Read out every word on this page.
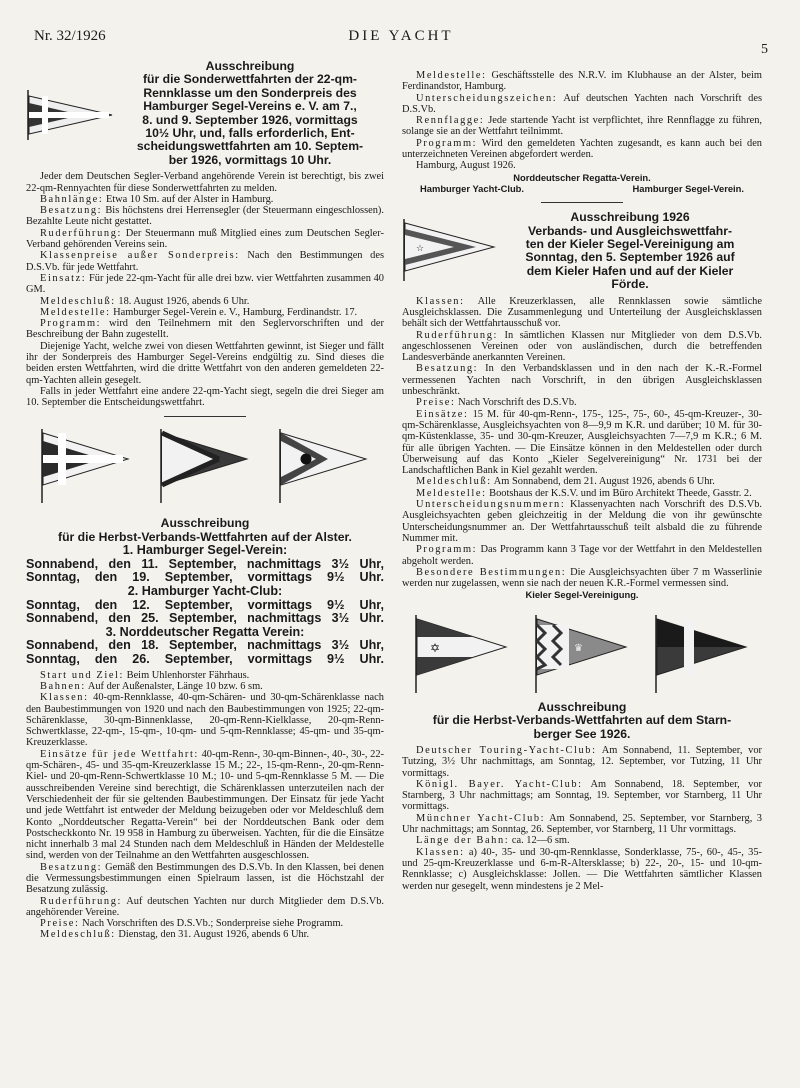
Nr. 32/1926	DIE YACHT
5
Ausschreibung
für die Sonderwettfahrten der 22-qm-
Rennklasse um den Sonderpreis des
Hamburger Segel-Vereins e. V. am 7.,
8. und 9. September 1926, vormittags
10½ Uhr, und, falls erforderlich, Ent-
scheidungswettfahrten am 10. Septem-
ber 1926, vormittags 10 Uhr.

Jeder dem Deutschen Segler-Verband angehörende Verein ist berechtigt, bis zwei 22-qm-Rennyachten für diese Sonderwettfahrten zu melden.

Bahnlänge: Etwa 10 Sm. auf der Alster in Hamburg.

Besatzung: Bis höchstens drei Herrensegler (der Steuermann eingeschlossen). Bezahlte Leute nicht gestattet.

Ruderführung: Der Steuermann muß Mitglied eines zum Deutschen Segler-Verband gehörenden Vereins sein.

Klassenpreise außer Sonderpreis: Nach den Bestimmungen des D.S.Vb. für jede Wettfahrt.

Einsatz: Für jede 22-qm-Yacht für alle drei bzw. vier Wettfahrten zusammen 40 GM.

Meldeschluß: 18. August 1926, abends 6 Uhr.

Meldestelle: Hamburger Segel-Verein e. V., Hamburg, Ferdinandstr. 17.

Programm: wird den Teilnehmern mit den Seglervorschriften und der Beschreibung der Bahn zugestellt.

Diejenige Yacht, welche zwei von diesen Wettfahrten gewinnt, ist Sieger und fällt ihr der Sonderpreis des Hamburger Segel-Vereins endgültig zu. Sind dieses die beiden ersten Wettfahrten, wird die dritte Wettfahrt von den anderen gemeldeten 22-qm-Yachten allein gesegelt.

Falls in jeder Wettfahrt eine andere 22-qm-Yacht siegt, segeln die drei Sieger am 10. September die Entscheidungswettfahrt.

Ausschreibung
für die Herbst-Verbands-Wettfahrten auf der Alster.
1. Hamburger Segel-Verein:
Sonnabend, den 11. September, nachmittags 3½ Uhr,
Sonntag, den 19. September, vormittags 9½ Uhr.
2. Hamburger Yacht-Club:
Sonntag, den 12. September, vormittags 9½ Uhr,
Sonnabend, den 25. September, nachmittags 3½ Uhr.
3. Norddeutscher Regatta Verein:
Sonnabend, den 18. September, nachmittags 3½ Uhr,
Sonntag, den 26. September, vormittags 9½ Uhr.

Start und Ziel: Beim Uhlenhorster Fährhaus.

Bahnen: Auf der Außenalster, Länge 10 bzw. 6 sm.

Klassen: 40-qm-Rennklasse, 40-qm-Schären- und 30-qm-Schärenklasse nach den Baubestimmungen von 1920 und nach den Baubestimmungen von 1925; 22-qm-Schärenklasse, 30-qm-Binnenklasse, 20-qm-Renn-Kielklasse, 20-qm-Renn-Schwertklasse, 22-qm-, 15-qm-, 10-qm- und 5-qm-Rennklasse; 45-qm- und 35-qm-Kreuzerklasse.

Einsätze für jede Wettfahrt: 40-qm-Renn-, 30-qm-Binnen-, 40-, 30-, 22-qm-Schären-, 45- und 35-qm-Kreuzerklasse 15 M.; 22-, 15-qm-Renn-, 20-qm-Renn-Kiel- und 20-qm-Renn-Schwertklasse 10 M.; 10- und 5-qm-Rennklasse 5 M. — Die ausschreibenden Vereine sind berechtigt, die Schärenklassen unterzuteilen nach der Verschiedenheit der für sie geltenden Baubestimmungen. Der Einsatz für jede Yacht und jede Wettfahrt ist entweder der Meldung beizugeben oder vor Meldeschluß dem Konto „Norddeutscher Regatta-Verein“ bei der Norddeutschen Bank oder dem Postscheckkonto Nr. 19 958 in Hamburg zu überweisen. Yachten, für die die Einsätze nicht innerhalb 3 mal 24 Stunden nach dem Meldeschluß in Händen der Meldestelle sind, werden von der Teilnahme an den Wettfahrten ausgeschlossen.

Besatzung: Gemäß den Bestimmungen des D.S.Vb. In den Klassen, bei denen die Vermessungsbestimmungen einen Spielraum lassen, ist die Höchstzahl der Besatzung zulässig.

Ruderführung: Auf deutschen Yachten nur durch Mitglieder dem D.S.Vb. angehörender Vereine.

Preise: Nach Vorschriften des D.S.Vb.; Sonderpreise siehe Programm.

Meldeschluß: Dienstag, den 31. August 1926, abends 6 Uhr.

Meldestelle: Geschäftsstelle des N.R.V. im Klubhause an der Alster, beim Ferdinandstor, Hamburg.

Unterscheidungszeichen: Auf deutschen Yachten nach Vorschrift des D.S.Vb.

Rennflagge: Jede startende Yacht ist verpflichtet, ihre Rennflagge zu führen, solange sie an der Wettfahrt teilnimmt.

Programm: Wird den gemeldeten Yachten zugesandt, es kann auch bei den unterzeichneten Vereinen abgefordert werden.

Hamburg, August 1926.

Norddeutscher Regatta-Verein.
Hamburger Yacht-Club.	Hamburger Segel-Verein.
☆
Ausschreibung 1926
Verbands- und Ausgleichswettfahr-
ten der Kieler Segel-Vereinigung am
Sonntag, den 5. September 1926 auf
dem Kieler Hafen und auf der Kieler
Förde.

Klassen: Alle Kreuzerklassen, alle Rennklassen sowie sämtliche Ausgleichsklassen. Die Zusammenlegung und Unterteilung der Ausgleichsklassen behält sich der Wettfahrtausschuß vor.

Ruderführung: In sämtlichen Klassen nur Mitglieder von dem D.S.Vb. angeschlossenen Vereinen oder von ausländischen, durch die betreffenden Landesverbände anerkannten Vereinen.

Besatzung: In den Verbandsklassen und in den nach der K.-R.-Formel vermessenen Yachten nach Vorschrift, in den übrigen Ausgleichsklassen unbeschränkt.

Preise: Nach Vorschrift des D.S.Vb.

Einsätze: 15 M. für 40-qm-Renn-, 175-, 125-, 75-, 60-, 45-qm-Kreuzer-, 30-qm-Schärenklasse, Ausgleichsyachten von 8—9,9 m K.R. und darüber; 10 M. für 30-qm-Küstenklasse, 35- und 30-qm-Kreuzer, Ausgleichsyachten 7—7,9 m K.R.; 6 M. für alle übrigen Yachten. — Die Einsätze können in den Meldestellen oder durch Überweisung auf das Konto „Kieler Segelvereinigung“ Nr. 1731 bei der Landschaftlichen Bank in Kiel gezahlt werden.

Meldeschluß: Am Sonnabend, dem 21. August 1926, abends 6 Uhr.

Meldestelle: Bootshaus der K.S.V. und im Büro Architekt Theede, Gasstr. 2.

Unterscheidungsnummern: Klassenyachten nach Vorschrift des D.S.Vb. Ausgleichsyachten geben gleichzeitig in der Meldung die von ihr gewünschte Unterscheidungsnummer an. Der Wettfahrtausschuß teilt alsbald die zu führende Nummer mit.

Programm: Das Programm kann 3 Tage vor der Wettfahrt in den Meldestellen abgeholt werden.

Besondere Bestimmungen: Die Ausgleichsyachten über 7 m Wasserlinie werden nur zugelassen, wenn sie nach der neuen K.R.-Formel vermessen sind.

Kieler Segel-Vereinigung.
✡	♛
Ausschreibung
für die Herbst-Verbands-Wettfahrten auf dem Starn-
berger See 1926.

Deutscher Touring-Yacht-Club: Am Sonnabend, 11. September, vor Tutzing, 3½ Uhr nachmittags, am Sonntag, 12. September, vor Tutzing, 11 Uhr vormittags.

Königl. Bayer. Yacht-Club: Am Sonnabend, 18. September, vor Starnberg, 3 Uhr nachmittags; am Sonntag, 19. September, vor Starnberg, 11 Uhr vormittags.

Münchner Yacht-Club: Am Sonnabend, 25. September, vor Starnberg, 3 Uhr nachmittags; am Sonntag, 26. September, vor Starnberg, 11 Uhr vormittags.

Länge der Bahn: ca. 12—6 sm.

Klassen: a) 40-, 35- und 30-qm-Rennklasse, Sonderklasse, 75-, 60-, 45-, 35- und 25-qm-Kreuzerklasse und 6-m-R-Altersklasse; b) 22-, 20-, 15- und 10-qm-Rennklasse; c) Ausgleichsklasse: Jollen. — Die Wettfahrten sämtlicher Klassen werden nur gesegelt, wenn mindestens je 2 Mel-
